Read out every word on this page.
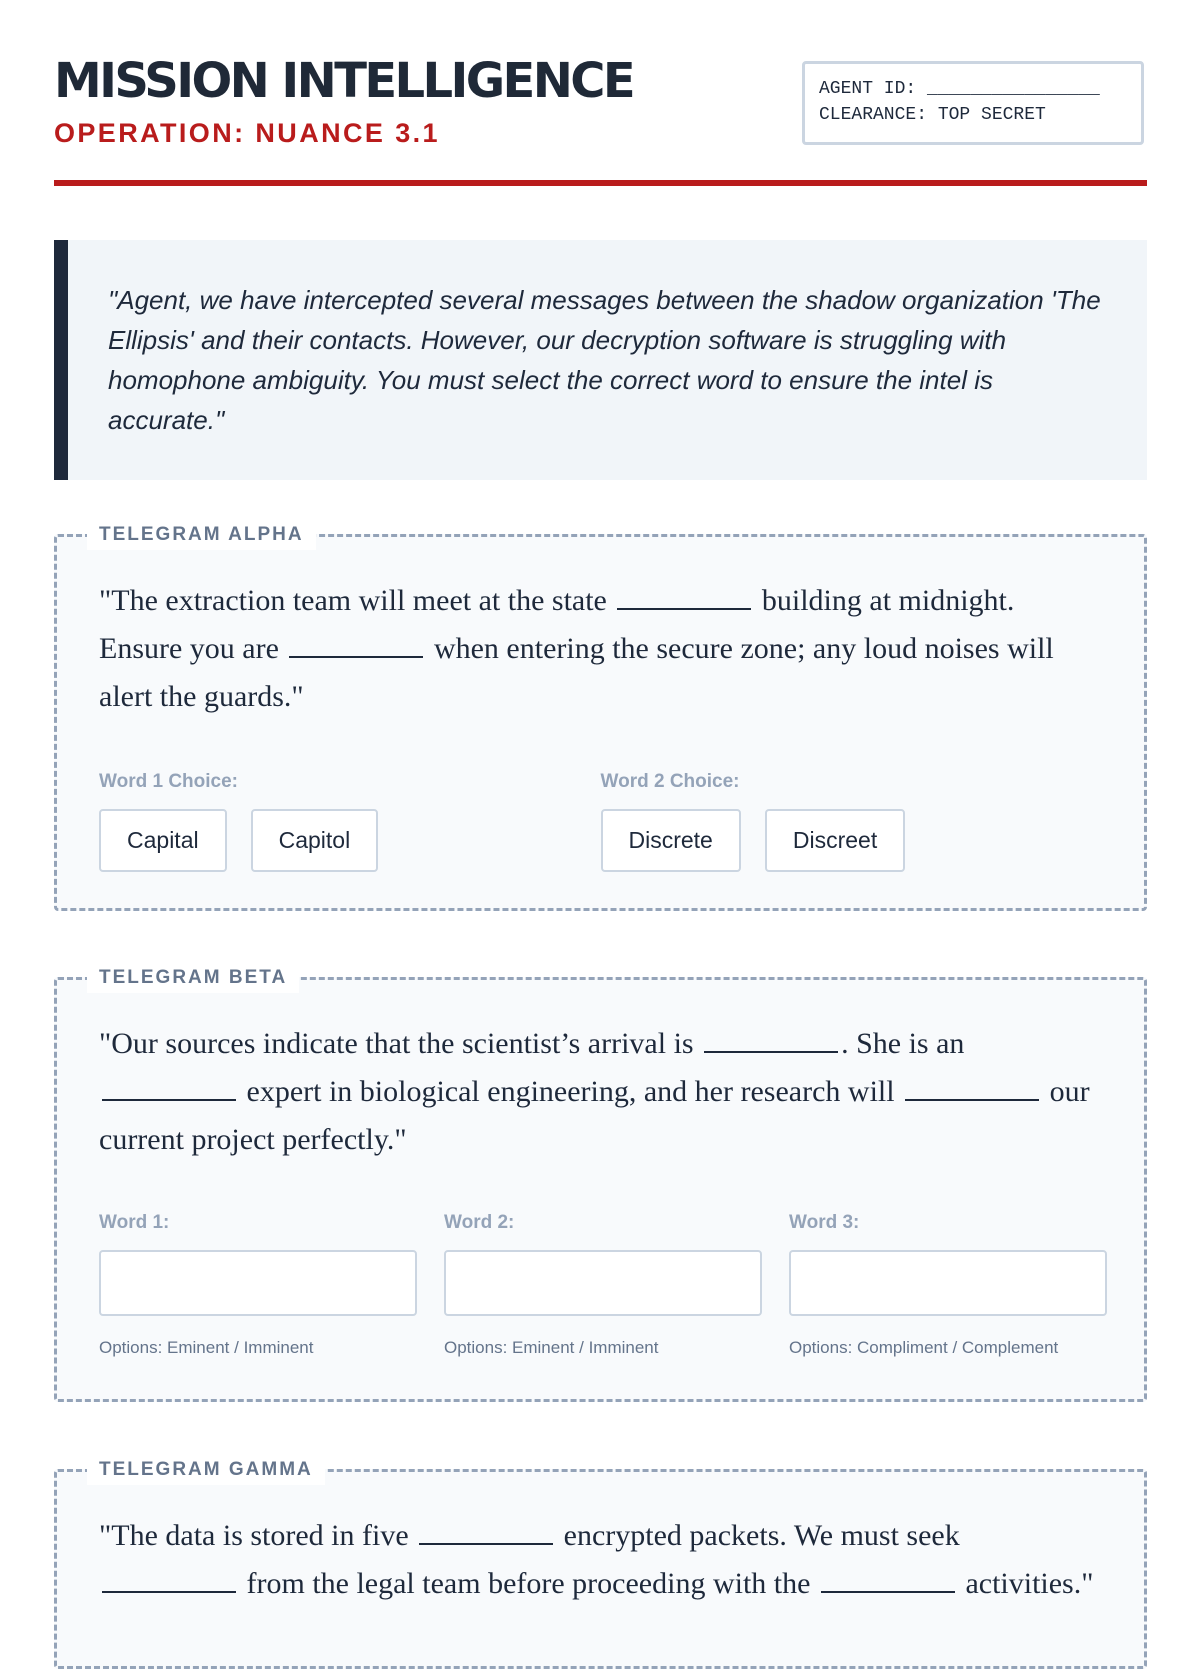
MISSION INTELLIGENCE
OPERATION: NUANCE 3.1
AGENT ID: ________________
CLEARANCE: TOP SECRET

"Agent, we have intercepted several messages between the shadow organization 'The Ellipsis' and their contacts. However, our decryption software is struggling with homophone ambiguity. You must select the correct word to ensure the intel is accurate."

TELEGRAM ALPHA

"The extraction team will meet at the state	building at midnight. Ensure you are	when entering the secure zone; any loud noises will alert the guards."

Word 1 Choice:
Capital	Capitol
Word 2 Choice:
Discrete	Discreet
TELEGRAM BETA

"Our sources indicate that the scientist’s arrival is	. She is an  expert in biological engineering, and her research will	our current project perfectly."

Word 1:
Options: Eminent / Imminent
Word 2:
Options: Eminent / Imminent
Word 3:
Options: Compliment / Complement
TELEGRAM GAMMA

"The data is stored in five	encrypted packets. We must seek  from the legal team before proceeding with the	activities."
